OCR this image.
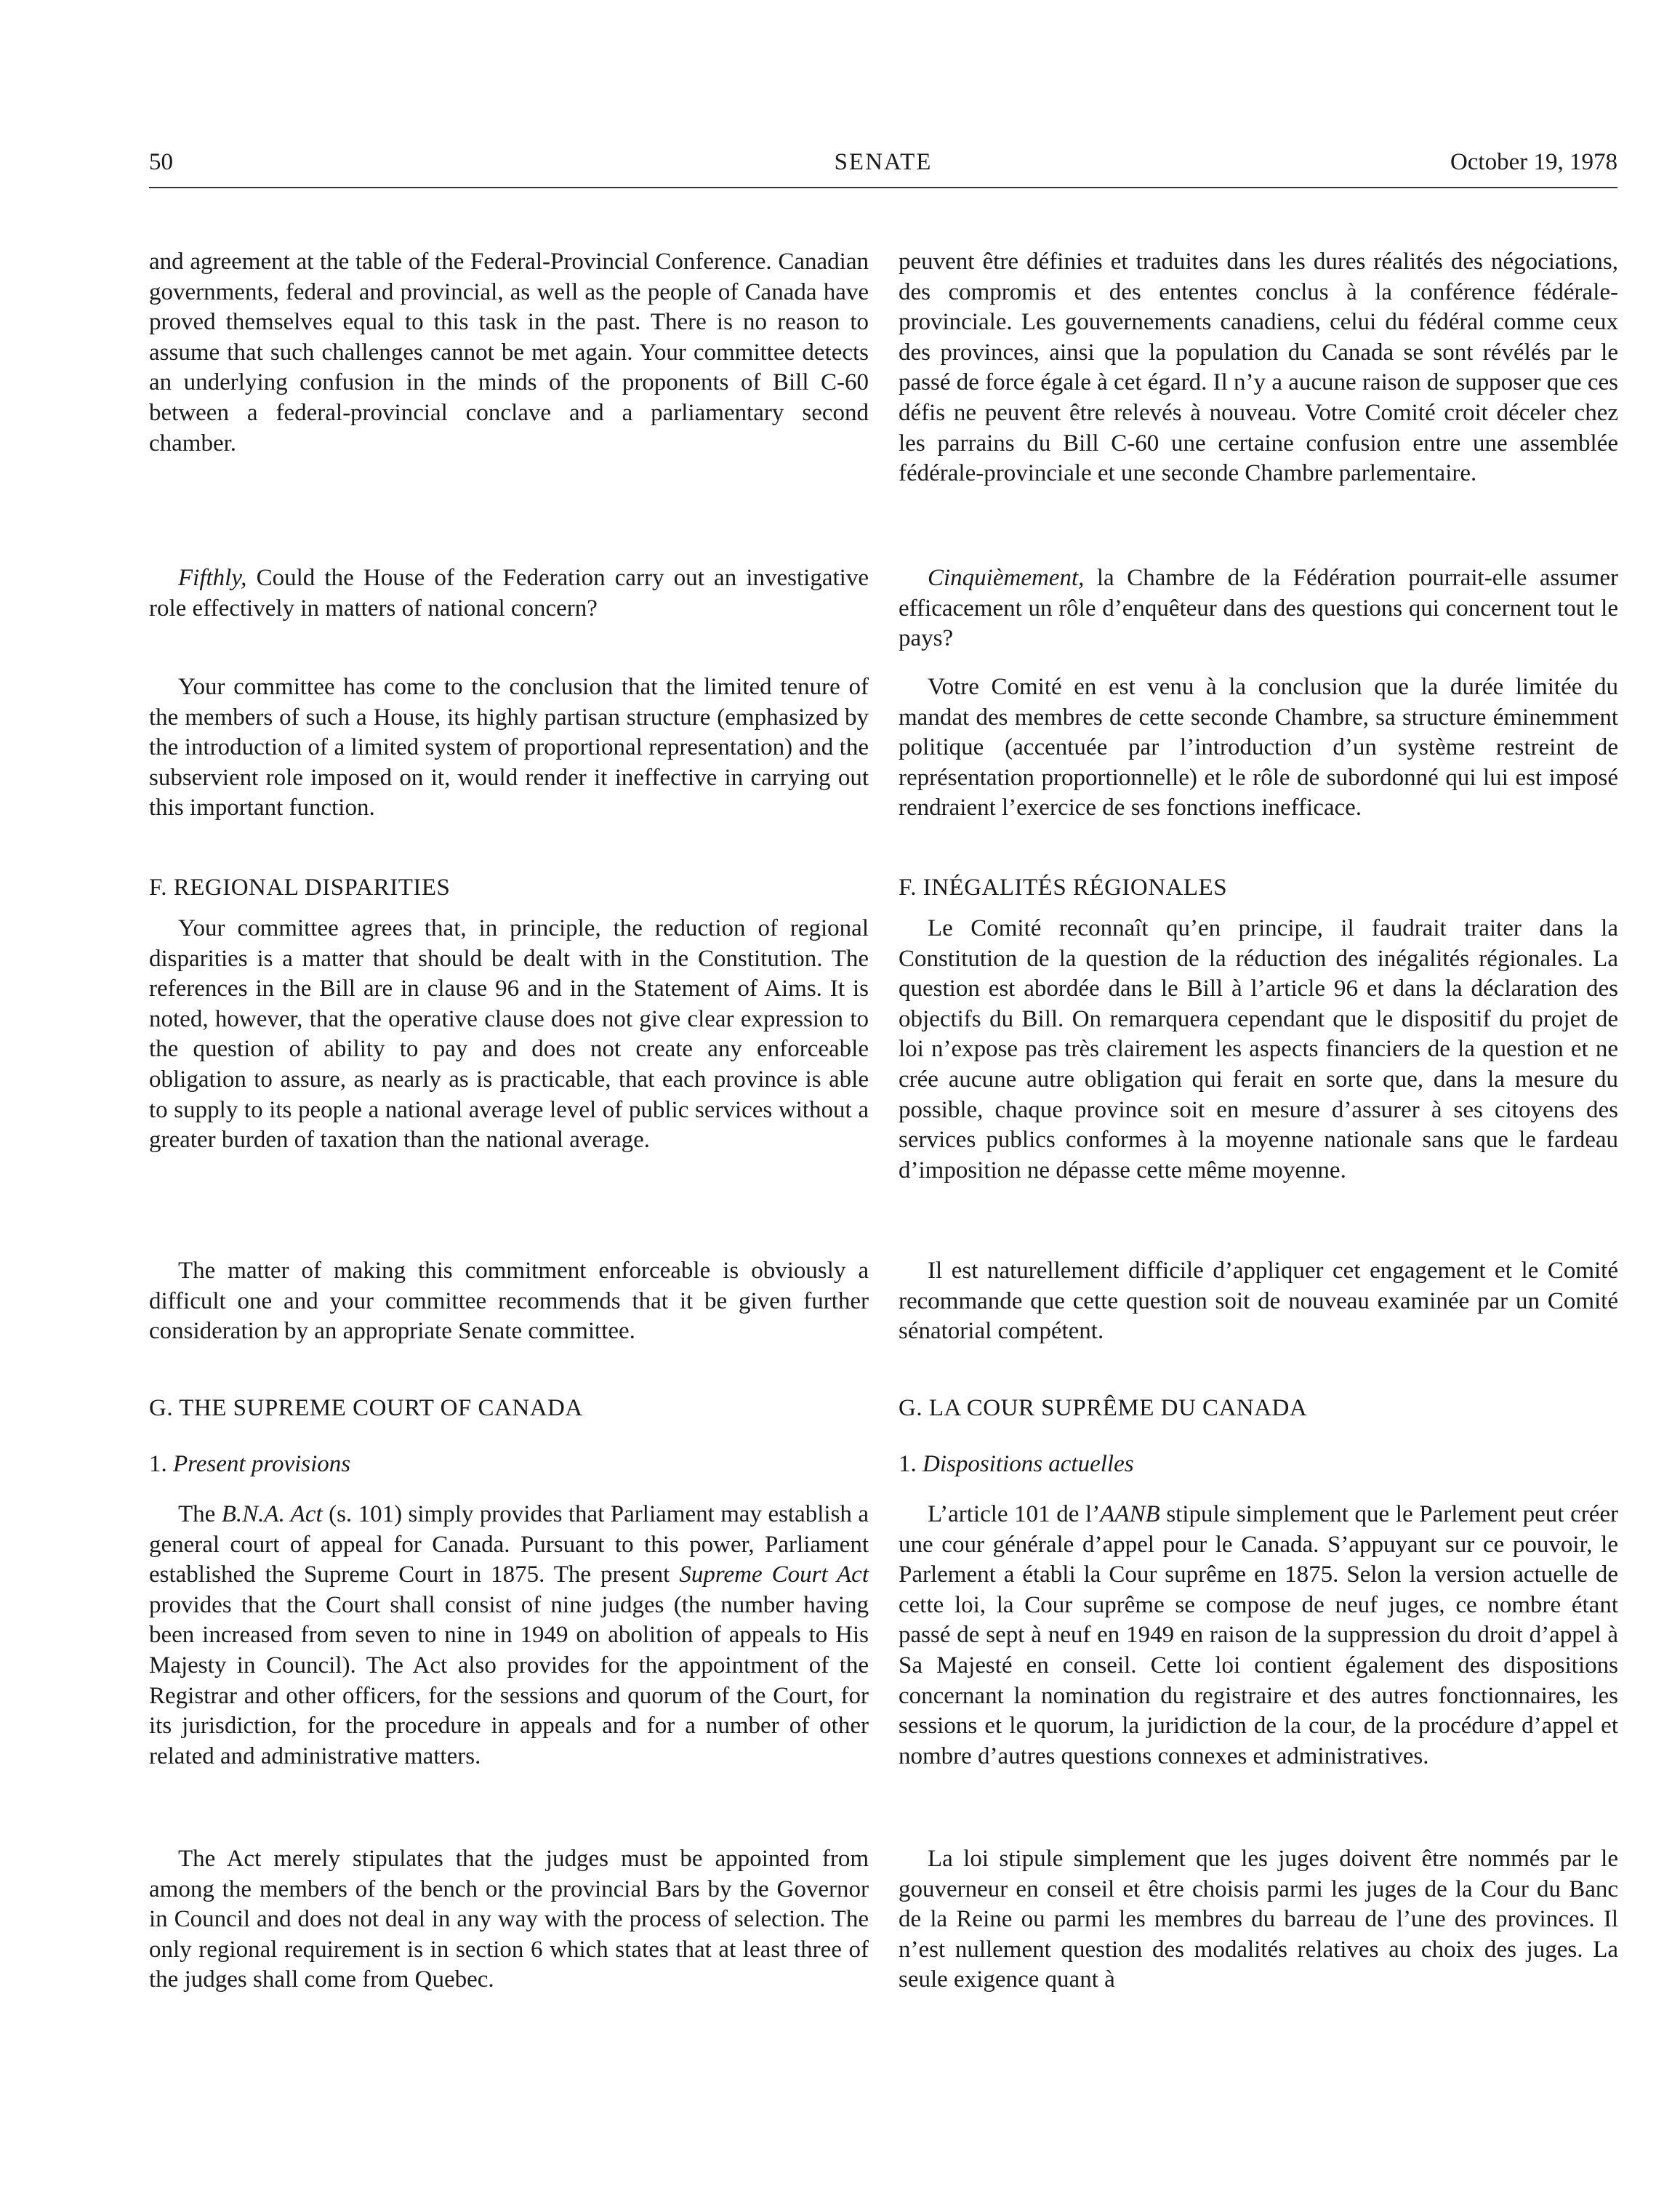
50	SENATE	October 19, 1978

and agreement at the table of the Federal-Provincial Conference. Canadian governments, federal and provincial, as well as the people of Canada have proved themselves equal to this task in the past. There is no reason to assume that such challenges cannot be met again. Your committee detects an underlying confusion in the minds of the proponents of Bill C-60 between a federal-provincial conclave and a parliamentary second chamber.

Fifthly, Could the House of the Federation carry out an investigative role effectively in matters of national concern?

Your committee has come to the conclusion that the limited tenure of the members of such a House, its highly partisan structure (emphasized by the introduction of a limited system of proportional representation) and the subservient role imposed on it, would render it ineffective in carrying out this important function.

F. REGIONAL DISPARITIES

Your committee agrees that, in principle, the reduction of regional disparities is a matter that should be dealt with in the Constitution. The references in the Bill are in clause 96 and in the Statement of Aims. It is noted, however, that the operative clause does not give clear expression to the question of ability to pay and does not create any enforceable obligation to assure, as nearly as is practicable, that each province is able to supply to its people a national average level of public services without a greater burden of taxation than the national average.

The matter of making this commitment enforceable is obviously a difficult one and your committee recommends that it be given further consideration by an appropriate Senate committee.

G. THE SUPREME COURT OF CANADA

1. Present provisions

The B.N.A. Act (s. 101) simply provides that Parliament may establish a general court of appeal for Canada. Pursuant to this power, Parliament established the Supreme Court in 1875. The present Supreme Court Act provides that the Court shall consist of nine judges (the number having been increased from seven to nine in 1949 on abolition of appeals to His Majesty in Council). The Act also provides for the appointment of the Registrar and other officers, for the sessions and quorum of the Court, for its jurisdiction, for the procedure in appeals and for a number of other related and administrative matters.

The Act merely stipulates that the judges must be appointed from among the members of the bench or the provincial Bars by the Governor in Council and does not deal in any way with the process of selection. The only regional requirement is in section 6 which states that at least three of the judges shall come from Quebec.

peuvent être définies et traduites dans les dures réalités des négociations, des compromis et des ententes conclus à la conférence fédérale-provinciale. Les gouvernements canadiens, celui du fédéral comme ceux des provinces, ainsi que la population du Canada se sont révélés par le passé de force égale à cet égard. Il n’y a aucune raison de supposer que ces défis ne peuvent être relevés à nouveau. Votre Comité croit déceler chez les parrains du Bill C-60 une certaine confusion entre une assemblée fédérale-provinciale et une seconde Chambre parlementaire.

Cinquièmement, la Chambre de la Fédération pourrait-elle assumer efficacement un rôle d’enquêteur dans des questions qui concernent tout le pays?

Votre Comité en est venu à la conclusion que la durée limitée du mandat des membres de cette seconde Chambre, sa structure éminemment politique (accentuée par l’introduction d’un système restreint de représentation proportionnelle) et le rôle de subordonné qui lui est imposé rendraient l’exercice de ses fonctions inefficace.

F. INÉGALITÉS RÉGIONALES

Le Comité reconnaît qu’en principe, il faudrait traiter dans la Constitution de la question de la réduction des inégalités régionales. La question est abordée dans le Bill à l’article 96 et dans la déclaration des objectifs du Bill. On remarquera cependant que le dispositif du projet de loi n’expose pas très clairement les aspects financiers de la question et ne crée aucune autre obligation qui ferait en sorte que, dans la mesure du possible, chaque province soit en mesure d’assurer à ses citoyens des services publics conformes à la moyenne nationale sans que le fardeau d’imposition ne dépasse cette même moyenne.

Il est naturellement difficile d’appliquer cet engagement et le Comité recommande que cette question soit de nouveau examinée par un Comité sénatorial compétent.

G. LA COUR SUPRÊME DU CANADA

1. Dispositions actuelles

L’article 101 de l’AANB stipule simplement que le Parlement peut créer une cour générale d’appel pour le Canada. S’appuyant sur ce pouvoir, le Parlement a établi la Cour suprême en 1875. Selon la version actuelle de cette loi, la Cour suprême se compose de neuf juges, ce nombre étant passé de sept à neuf en 1949 en raison de la suppression du droit d’appel à Sa Majesté en conseil. Cette loi contient également des dispositions concernant la nomination du registraire et des autres fonctionnaires, les sessions et le quorum, la juridiction de la cour, de la procédure d’appel et nombre d’autres questions connexes et administratives.

La loi stipule simplement que les juges doivent être nommés par le gouverneur en conseil et être choisis parmi les juges de la Cour du Banc de la Reine ou parmi les membres du barreau de l’une des provinces. Il n’est nullement question des modalités relatives au choix des juges. La seule exigence quant à
